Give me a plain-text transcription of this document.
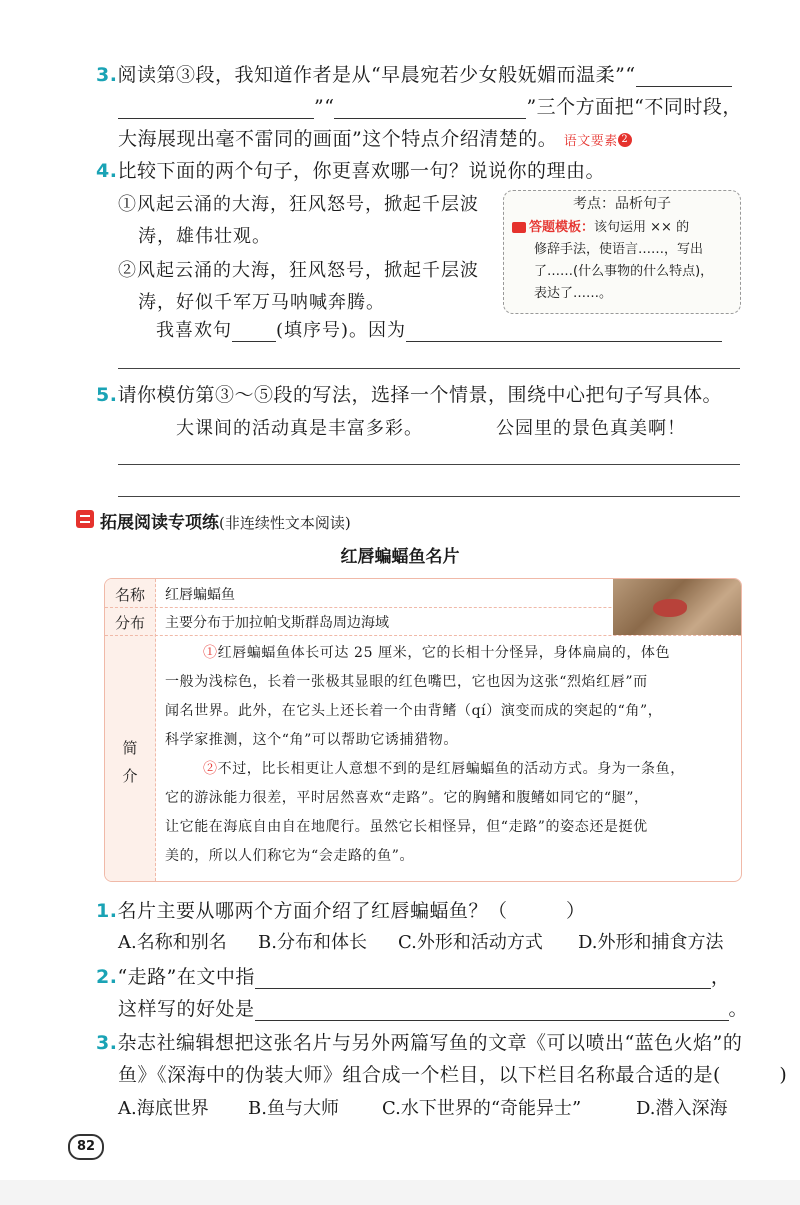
3.阅读第③段，我知道作者是从“早晨宛若少女般妩媚而温柔”“
”“	”三个方面把“不同时段，
大海展现出毫不雷同的画面”这个特点介绍清楚的。 语文要素 2
4.比较下面的两个句子，你更喜欢哪一句？说说你的理由。
①风起云涌的大海，狂风怒号，掀起千层波
涛，雄伟壮观。
②风起云涌的大海，狂风怒号，掀起千层波
涛，好似千军万马呐喊奔腾。
考点：品析句子
答题模板：该句运用 ×× 的
修辞手法，使语言……，写出
了……(什么事物的什么特点)，
表达了……。
我喜欢句 (填序号)。因为
5.请你模仿第③～⑤段的写法，选择一个情景，围绕中心把句子写具体。
大课间的活动真是丰富多彩。	公园里的景色真美啊！
拓展阅读专项练(非连续性文本阅读)
红唇蝙蝠鱼名片
名称	红唇蝙蝠鱼
分布	主要分布于加拉帕戈斯群岛周边海域
简
介
①红唇蝙蝠鱼体长可达 25 厘米，它的长相十分怪异，身体扁扁的，体色
一般为浅棕色，长着一张极其显眼的红色嘴巴，它也因为这张“烈焰红唇”而
闻名世界。此外，在它头上还长着一个由背鳍（qí）演变而成的突起的“角”，
科学家推测，这个“角”可以帮助它诱捕猎物。
②不过，比长相更让人意想不到的是红唇蝙蝠鱼的活动方式。身为一条鱼，
它的游泳能力很差，平时居然喜欢“走路”。它的胸鳍和腹鳍如同它的“腿”，
让它能在海底自由自在地爬行。虽然它长相怪异，但“走路”的姿态还是挺优
美的，所以人们称它为“会走路的鱼”。
1.名片主要从哪两个方面介绍了红唇蝙蝠鱼？（　　　）
A.名称和别名 B.分布和体长 C.外形和活动方式 D.外形和捕食方法
2.“走路”在文中指	，
这样写的好处是	。
3.杂志社编辑想把这张名片与另外两篇写鱼的文章《可以喷出“蓝色火焰”的
鱼》《深海中的伪装大师》组合成一个栏目，以下栏目名称最合适的是(　　　)
A.海底世界 B.鱼与大师 C.水下世界的“奇能异士”	D.潜入深海
82
